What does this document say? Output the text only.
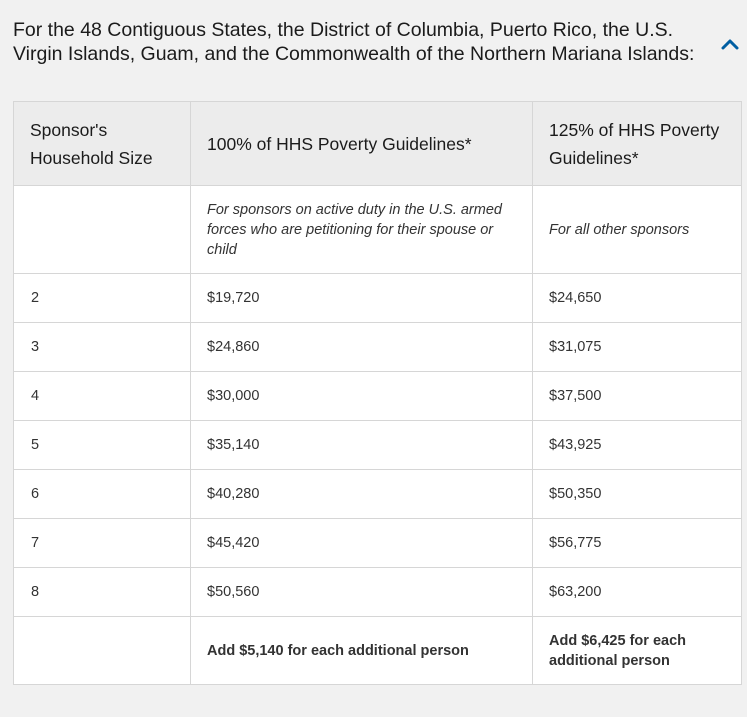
For the 48 Contiguous States, the District of Columbia, Puerto Rico, the U.S. Virgin Islands, Guam, and the Commonwealth of the Northern Mariana Islands:
Sponsor's Household Size	100% of HHS Poverty Guidelines*	125% of HHS Poverty Guidelines*
	For sponsors on active duty in the U.S. armed forces who are petitioning for their spouse or child	For all other sponsors
2	$19,720	$24,650
3	$24,860	$31,075
4	$30,000	$37,500
5	$35,140	$43,925
6	$40,280	$50,350
7	$45,420	$56,775
8	$50,560	$63,200
	Add $5,140 for each additional person	Add $6,425 for each additional person
